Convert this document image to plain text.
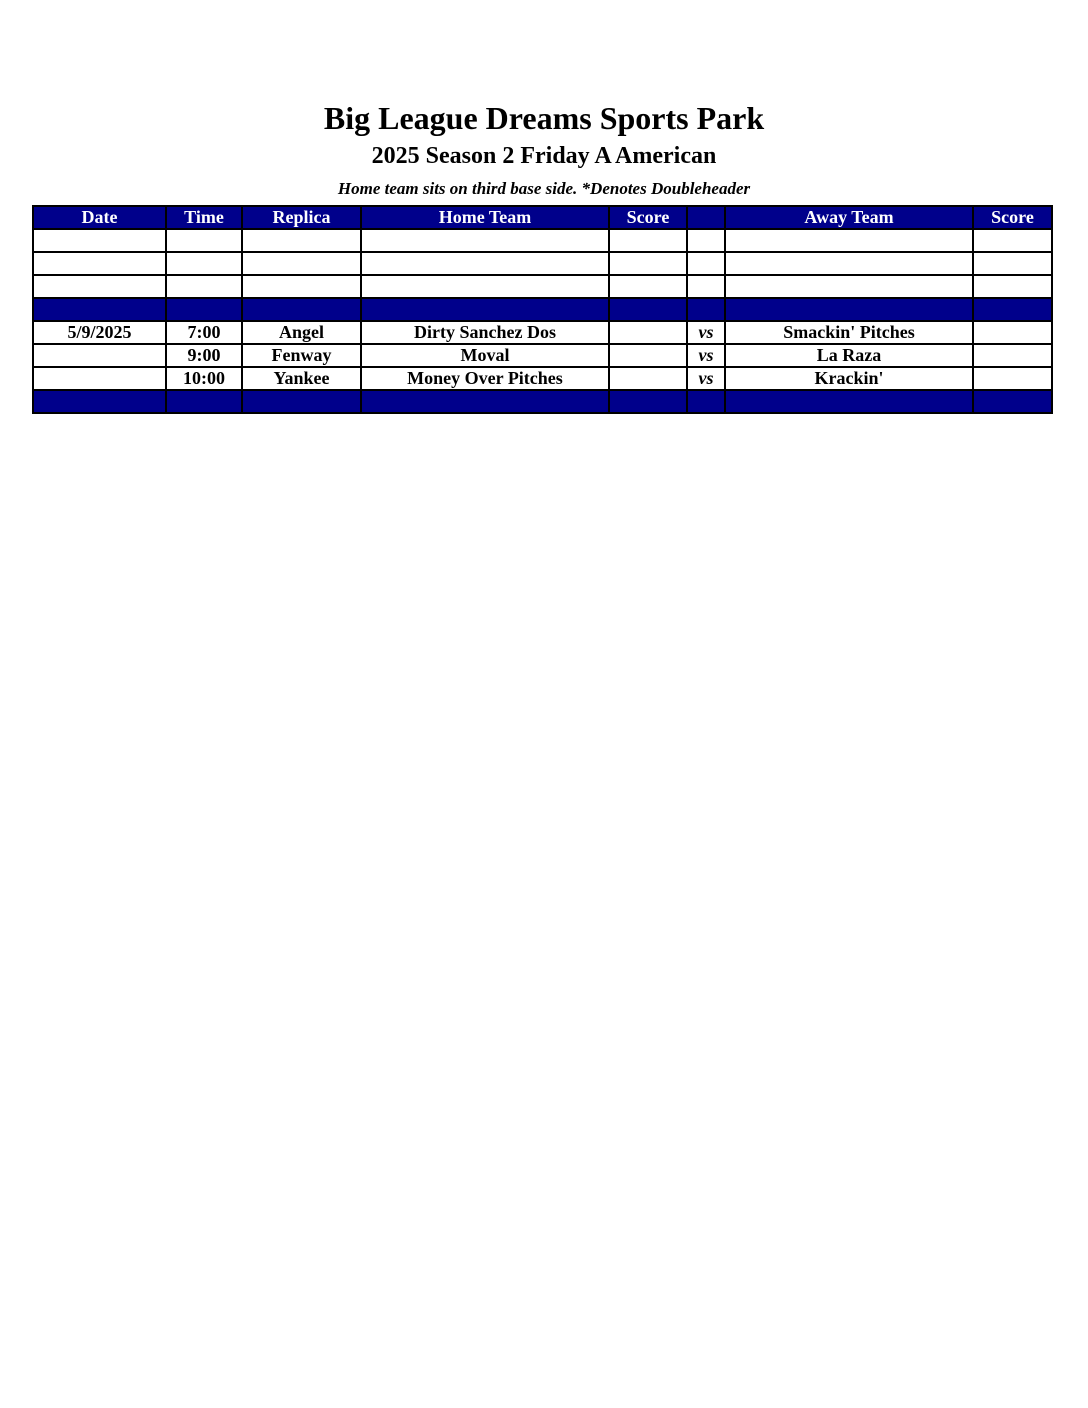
Big League Dreams Sports Park
2025 Season 2 Friday A American
Home team sits on third base side. *Denotes Doubleheader
Date	Time	Replica	Home Team	Score		Away Team	Score

5/9/2025	7:00	Angel	Dirty Sanchez Dos		vs	Smackin' Pitches	
	9:00	Fenway	Moval		vs	La Raza	
	10:00	Yankee	Money Over Pitches		vs	Krackin'	
